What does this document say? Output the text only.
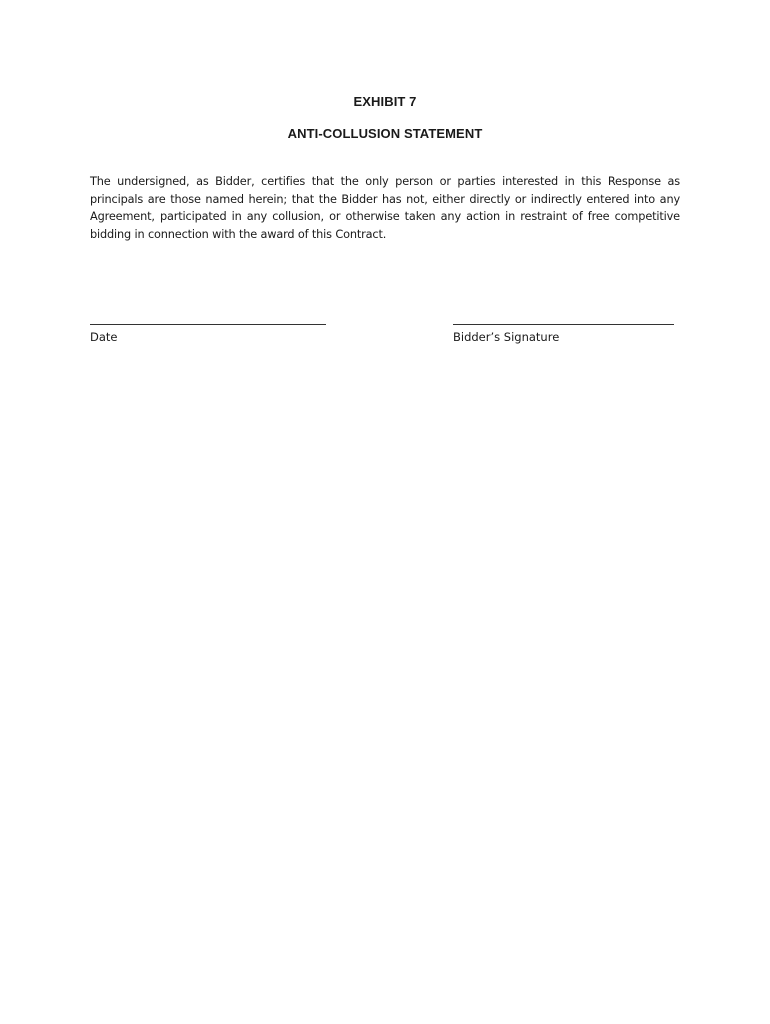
EXHIBIT 7
ANTI-COLLUSION STATEMENT

The undersigned, as Bidder, certifies that the only person or parties interested in this Response as principals are those named herein; that the Bidder has not, either directly or indirectly entered into any Agreement, participated in any collusion, or otherwise taken any action in restraint of free competitive bidding in connection with the award of this Contract.

Date	Bidder’s Signature
